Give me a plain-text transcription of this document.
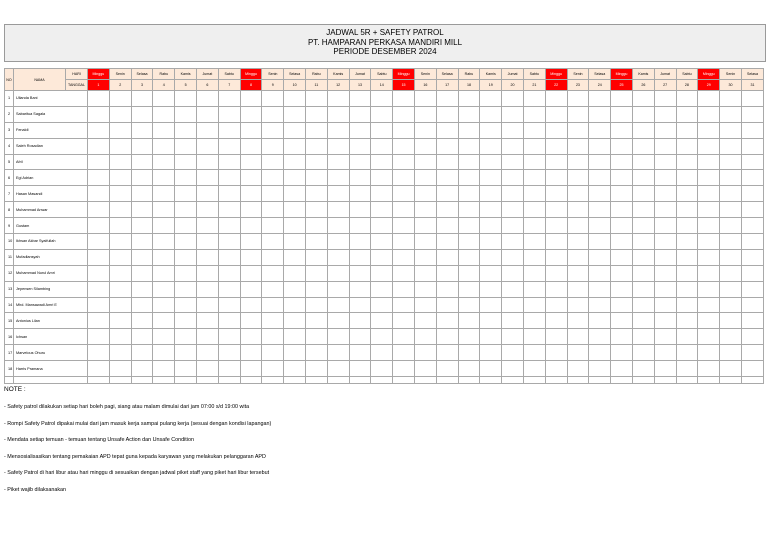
JADWAL 5R + SAFETY PATROL
PT. HAMPARAN PERKASA MANDIRI MILL
PERIODE DESEMBER 2024
NO	NAMA	HARI	Minggu	Senin	Selasa	Rabu	Kamis	Jumat	Sabtu	Minggu	Senin	Selasa	Rabu	Kamis	Jumat	Sabtu	Minggu	Senin	Selasa	Rabu	Kamis	Jumat	Sabtu	Minggu	Senin	Selasa	Minggu	Kamis	Jumat	Sabtu	Minggu	Senin	Selasa
		TANGGAL	1	2	3	4	5	6	7	8	9	10	11	12	13	14	15	16	17	18	19	20	21	22	23	24	25	26	27	28	29	30	31
1	Ulianda Bani																																
2	Sabaritua Sagala																																
3	Fenaldi																																
4	Saleh Rosadian																																
5	Afril																																
6	Egi Adrian																																
7	Hasan Masandi																																
8	Muhammad Anwar																																
9	Gustam																																
10	Ikhsan Akbar Syaifullah																																
11	Mufadlansyah																																
12	Muhammad Nurul Amri																																
13	Jepensen Silambing																																
14	Mhd. Mansawadi Amri E																																
15	Antonius Lilan																																
16	Ichsan																																
17	Marvelous Ohuru																																
18	Harris Pramana																																

NOTE :
- Safety patrol dilakukan setiap hari boleh pagi, siang atau malam dimulai dari jam 07:00 s/d 19:00 wita
- Rompi Safety Patrol dipakai mulai dari jam masuk kerja sampai pulang kerja (sesuai dengan kondisi lapangan)
- Mendata setiap temuan - temuan tentang Unsafe Action dan Unsafe Condition
- Mensosialisasikan tentang pemakaian APD tepat guna kepada karyawan yang melakukan pelanggaran APD
- Safety Patrol di hari libur atau hari minggu di sesuaikan dengan jadwal piket staff yang piket hari libur tersebut
- Piket wajib dilaksanakan
